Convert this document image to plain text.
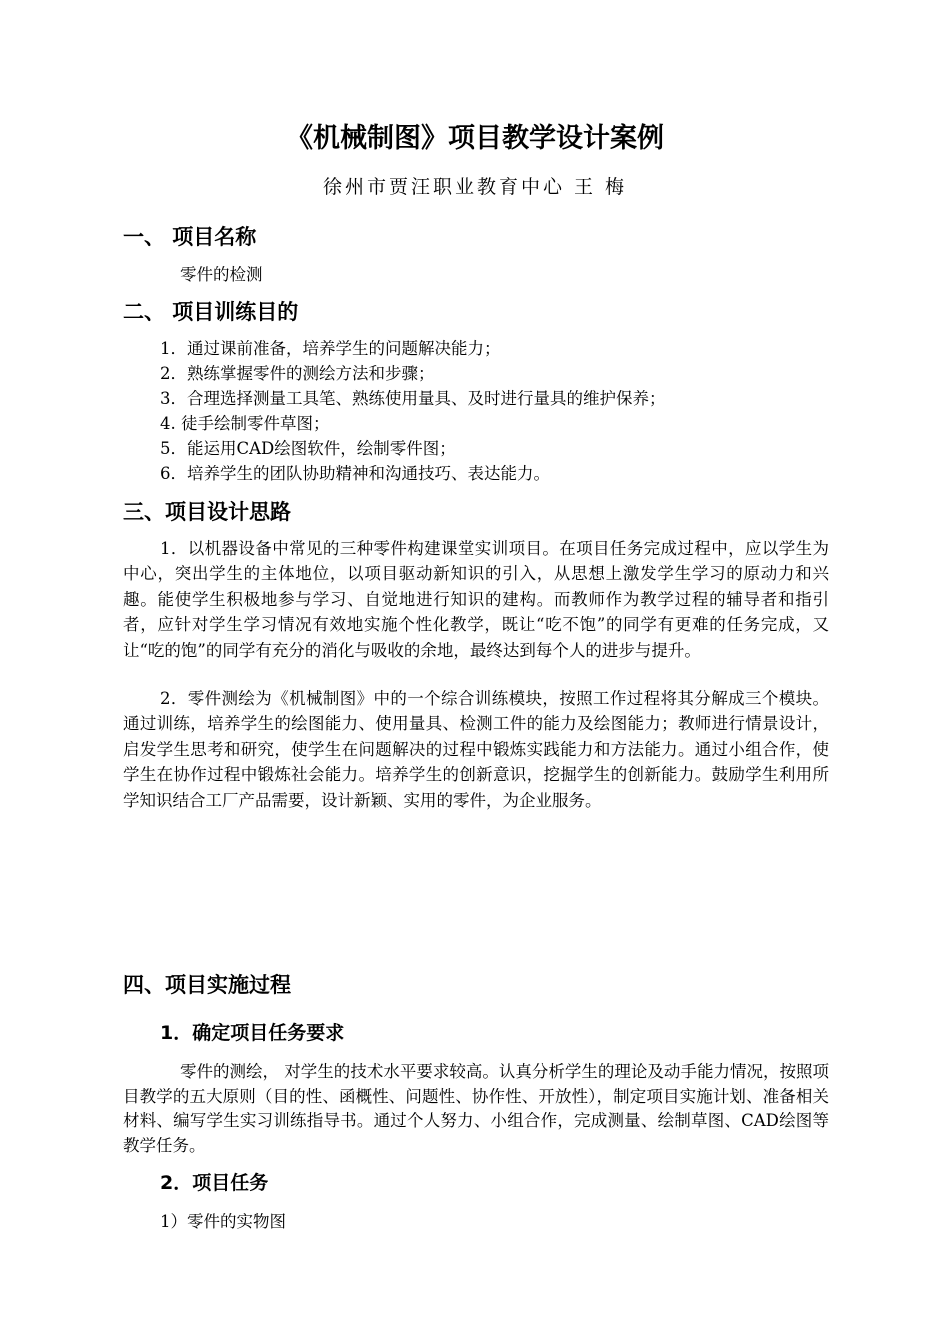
《机械制图》项目教学设计案例
徐州市贾汪职业教育中心 王 梅
一、 项目名称
零件的检测
二、 项目训练目的
1．通过课前准备，培养学生的问题解决能力；
2．熟练掌握零件的测绘方法和步骤；
3．合理选择测量工具笔、熟练使用量具、及时进行量具的维护保养；
4. 徒手绘制零件草图；
5．能运用CAD绘图软件，绘制零件图；
6．培养学生的团队协助精神和沟通技巧、表达能力。
三、项目设计思路

1．以机器设备中常见的三种零件构建课堂实训项目。在项目任务完成过程中，应以学生为中心，突出学生的主体地位，以项目驱动新知识的引入，从思想上激发学生学习的原动力和兴趣。能使学生积极地参与学习、自觉地进行知识的建构。而教师作为教学过程的辅导者和指引者，应针对学生学习情况有效地实施个性化教学，既让“吃不饱”的同学有更难的任务完成，又让“吃的饱”的同学有充分的消化与吸收的余地，最终达到每个人的进步与提升。

2．零件测绘为《机械制图》中的一个综合训练模块，按照工作过程将其分解成三个模块。通过训练，培养学生的绘图能力、使用量具、检测工件的能力及绘图能力；教师进行情景设计，启发学生思考和研究，使学生在问题解决的过程中锻炼实践能力和方法能力。通过小组合作，使学生在协作过程中锻炼社会能力。培养学生的创新意识，挖掘学生的创新能力。鼓励学生利用所学知识结合工厂产品需要，设计新颖、实用的零件，为企业服务。

四、项目实施过程
1．确定项目任务要求

零件的测绘， 对学生的技术水平要求较高。认真分析学生的理论及动手能力情况，按照项目教学的五大原则（目的性、函概性、问题性、协作性、开放性），制定项目实施计划、准备相关材料、编写学生实习训练指导书。通过个人努力、小组合作，完成测量、绘制草图、CAD绘图等教学任务。

2．项目任务
1）零件的实物图
